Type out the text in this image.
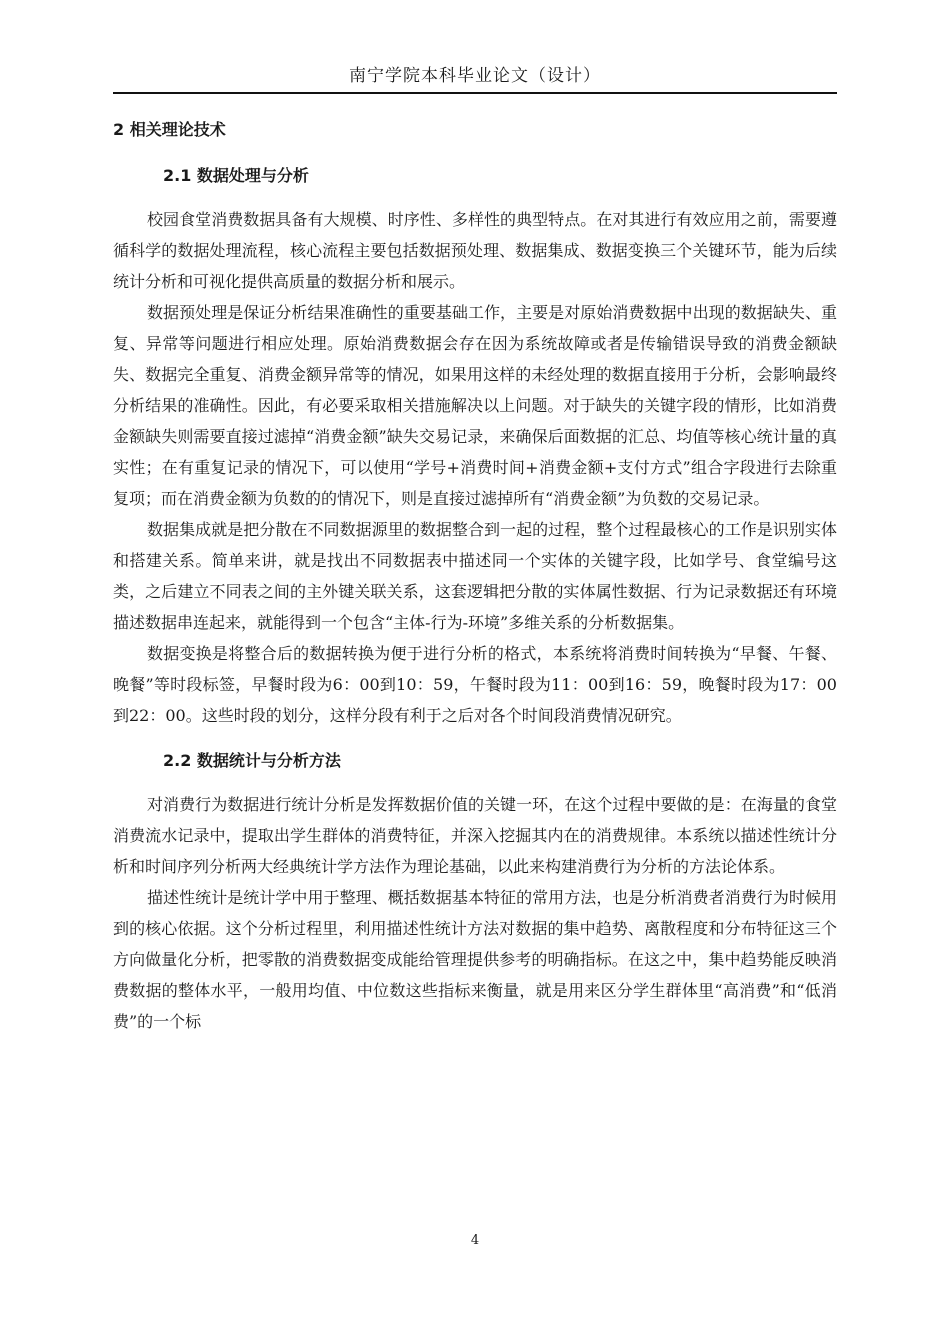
南宁学院本科毕业论文（设计）
2 相关理论技术
2.1 数据处理与分析

校园食堂消费数据具备有大规模、时序性、多样性的典型特点。在对其进行有效应用之前，需要遵循科学的数据处理流程，核心流程主要包括数据预处理、数据集成、数据变换三个关键环节，能为后续统计分析和可视化提供高质量的数据分析和展示。

数据预处理是保证分析结果准确性的重要基础工作，主要是对原始消费数据中出现的数据缺失、重复、异常等问题进行相应处理。原始消费数据会存在因为系统故障或者是传输错误导致的消费金额缺失、数据完全重复、消费金额异常等的情况，如果用这样的未经处理的数据直接用于分析，会影响最终分析结果的准确性。因此，有必要采取相关措施解决以上问题。对于缺失的关键字段的情形，比如消费金额缺失则需要直接过滤掉“消费金额”缺失交易记录，来确保后面数据的汇总、均值等核心统计量的真实性；在有重复记录的情况下，可以使用“学号+消费时间+消费金额+支付方式”组合字段进行去除重复项；而在消费金额为负数的的情况下，则是直接过滤掉所有“消费金额”为负数的交易记录。

数据集成就是把分散在不同数据源里的数据整合到一起的过程，整个过程最核心的工作是识别实体和搭建关系。简单来讲，就是找出不同数据表中描述同一个实体的关键字段，比如学号、食堂编号这类，之后建立不同表之间的主外键关联关系，这套逻辑把分散的实体属性数据、行为记录数据还有环境描述数据串连起来，就能得到一个包含“主体-行为-环境”多维关系的分析数据集。

数据变换是将整合后的数据转换为便于进行分析的格式，本系统将消费时间转换为“早餐、午餐、晚餐”等时段标签，早餐时段为6：00到10：59，午餐时段为11：00到16：59，晚餐时段为17：00到22：00。这些时段的划分，这样分段有利于之后对各个时间段消费情况研究。

2.2 数据统计与分析方法

对消费行为数据进行统计分析是发挥数据价值的关键一环，在这个过程中要做的是：在海量的食堂消费流水记录中，提取出学生群体的消费特征，并深入挖掘其内在的消费规律。本系统以描述性统计分析和时间序列分析两大经典统计学方法作为理论基础，以此来构建消费行为分析的方法论体系。

描述性统计是统计学中用于整理、概括数据基本特征的常用方法，也是分析消费者消费行为时候用到的核心依据。这个分析过程里，利用描述性统计方法对数据的集中趋势、离散程度和分布特征这三个方向做量化分析，把零散的消费数据变成能给管理提供参考的明确指标。在这之中，集中趋势能反映消费数据的整体水平，一般用均值、中位数这些指标来衡量，就是用来区分学生群体里“高消费”和“低消费”的一个标

4
